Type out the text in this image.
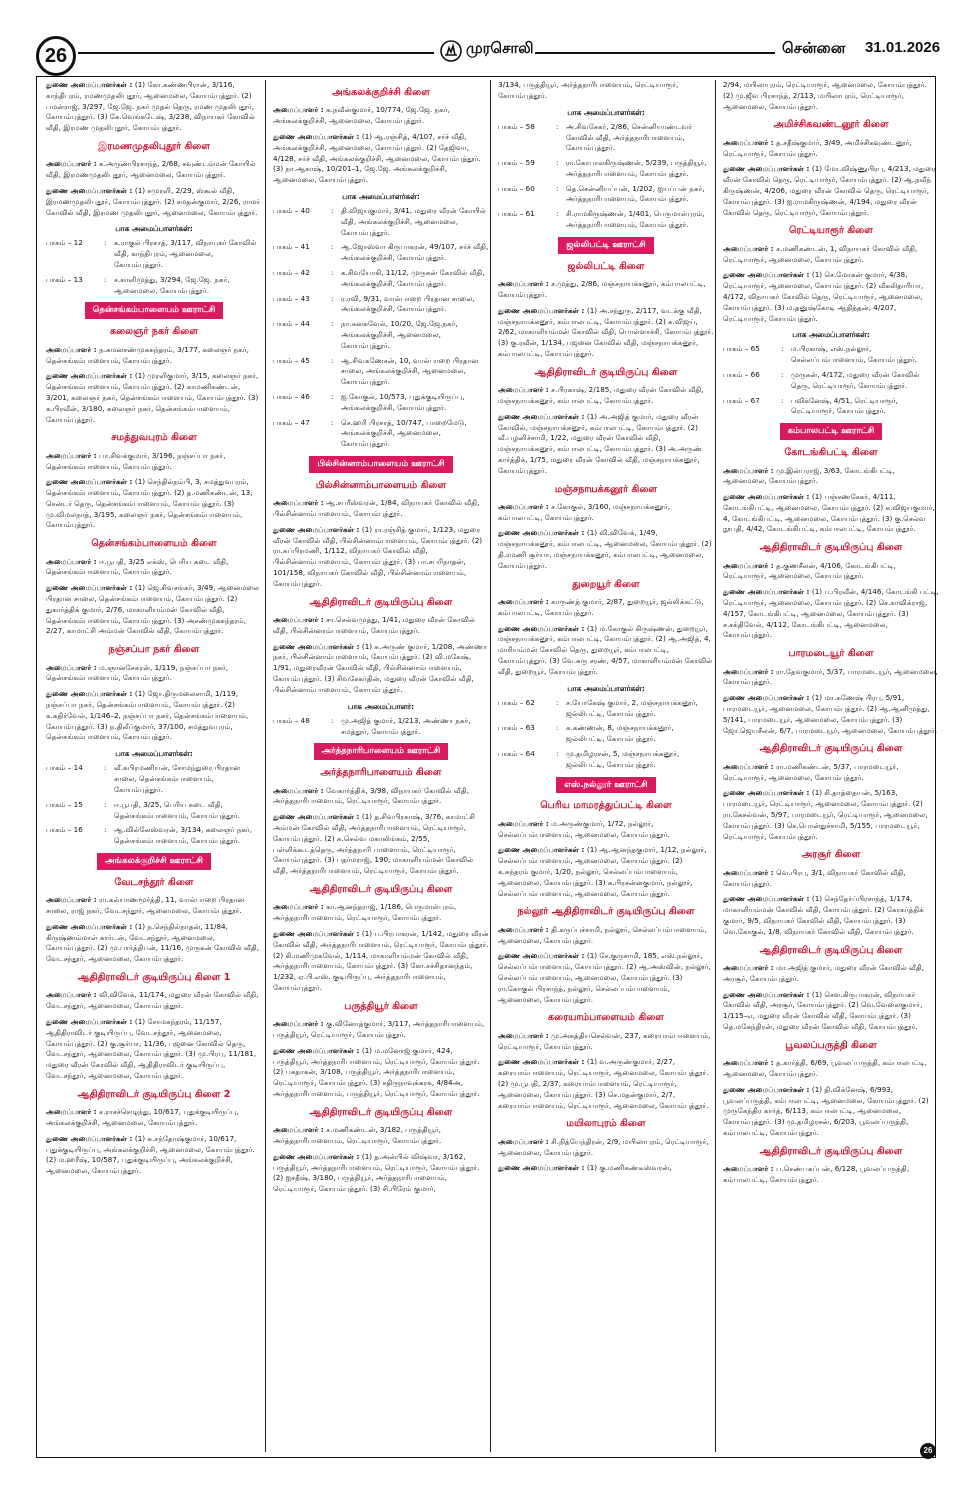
26	முரசொலி	சென்னை 31.01.2026

துணை அமைப்பாளர்கள் : (1) கோ.கண்ணபிரான், 3/116, காந்திபுரம், ரமணமுதலிபுதூர், ஆனைமலை, கோயம்புத்தூர். (2) பமன்ராஜ், 3/297, ஜே.ஜே. நகர் முதல் தெரு, ரமண முதலிபுதூர், கோயம்புத்தூர். (3) கே.வெங்கடேஷ், 3/238, விநாயகர் கோவில் வீதி, இரமண முதலிபுதூர், கோயம்புத்தூர்.

இரமணமுதலிபுதூர் கிளை

அமைப்பாளர் : க.அருண்பிரசாந்த், 2/68, சவுண்டம்மன் கோயில் வீதி, இரமணமுதலிபுதூர், ஆனைமலை, கோயம்புத்தூர்.

துணை அமைப்பாளர்கள் : (1) சமுரளி, 2/29, ஸ்கூல் வீதி, இரமணமுதலிபுதூர், கோயம்புத்தூர். (2) சமதன்குமார், 2/26, ராமர் கோவில் வீதி, இரமண முதலிபுதூர், ஆனைமலை, கோயம்புத்தூர்.

பாக அமைப்பாளர்கள்:
பாகம் – 12	:	க.ராகுல் பிரசாத், 3/117, விநாயகர் கோவில் வீதி, காந்திபுரம், ஆனைமலை, கோயம்புத்தூர்.
பாகம் – 13	:	ச.காளிமுத்து, 3/294, ஜே.ஜே. நகர், ஆனைமலை, கோயம்புத்தூர்.
தென்சங்கம்பாளையம் ஊராட்சி
கலைஞர் நகர் கிளை

அமைப்பாளர் : ந.சுமனசண்முகசுந்தரம், 3/177, கலைஞர் நகர், தென்சங்கம்பாளையம், கோயம்புத்தூர்.

துணை அமைப்பாளர்கள் : (1) முரளிகுமார், 3/15, கலைஞர் நகர், தென்சங்கம்பாளையம், கோயம்புத்தூர். (2) காமணிகண்டன், 3/201, கலைஞர் நகர், தென்சங்கம்பாளையம், கோயம்புத்தூர். (3) க.பிரவீன், 3/180, கலைஞர் நகர், தென்சங்கம்பாளையம், கோயம்புத்தூர்.

சமத்துவபுரம் கிளை

அமைப்பாளர் : பா.சிவக்குமார், 3/196, நஞ்சப்பா நகர், தென்சங்கம்பாளையம், கோயம்புத்தூர்.

துணை அமைப்பாளர்கள் : (1) செந்தில்நம்பி, 3, சமத்துவபுரம், தென்சங்கம்பாளையம், கோயம்புத்தூர். (2) த.மணிகண்டன், 13, சென்டர் தெரு, தென்சங்கம்பாளையம், கோயம்புத்தூர். (3) மு.விமலநாத், 3/195, கலைஞர் நகர், தென்சங்கம்பாளையம், கோயம்புத்தூர்.

தென்சங்கம்பாளையம் கிளை

அமைப்பாளர் : ஈ.பூபதி, 3/25 எக்ஸ், பெரிய கடை வீதி, தென்சங்கம்பாளையம், கோயம்புத்தூர்.

துணை அமைப்பாளர்கள் : (1) ஜெ.சிவசங்கர், 3/49, ஆனைமலை பிரதான சாலை, தென்சங்கம்பாளையம், கோயம்புத்தூர். (2) துகார்த்திக் குமார், 2/76, மாகாளியம்மன் கோவில் வீதி, தென்சங்கம்பாளையம், கோயம்புத்தூர். (3) அசண்முகசுந்தரம், 2/27, காமாட்சி அம்மன் கோவில் வீதி, கோயம்புத்தூர்.

நஞ்சப்பா நகர் கிளை

அமைப்பாளர் : ம.ஞானசேகரன், 1/119, நஞ்சப்பா நகர், தென்சங்கம்பாளையம், கோயம்புத்தூர்.

துணை அமைப்பாளர்கள் : (1) ஜோ.திருமலைசாமி, 1/119, நஞ்சப்பா நகர், தென்சங்கம்பாளையம், கோயம்புத்தூர். (2) க.கதிர்வேல், 1/146–2, நஞ்சப்பா நகர், தென்சங்கம்பாளையம், கோயம்புத்தூர். (3) ந.திலீப்குமார், 37/100, சமத்துவபுரம், தென்சங்கம்பாளையம், கோயம்புத்தூர்.

பாக அமைப்பாளர்கள்:
பாகம் – 14	:	வீ.சுபிரமணியன், சோமந்துரை பிரதான சாலை, தென்சங்கம்பாளையம், கோயம்புத்தூர்.
பாகம் – 15	:	ஈ.பூபதி, 3/25, பெரிய கடை வீதி, தென்சங்கம்பாளையம், கோயம்புத்தூர்.
பாகம் – 16	:	ஆ.வில்லேஸ்வரன், 3/134, கலைஞர் நகர், தென்சங்கம்பாளையம், கோயம்புத்தூர்.
அங்கலக்குறிச்சி ஊராட்சி
வேடசந்தூர் கிளை

அமைப்பாளர் : ரா.கல்யாணமூர்த்தி, 11, வால்பாறை பிரதான சாலை, ராஜ் நகர், வேடசந்தூர், ஆனைமலை, கோயம்புத்தூர்.

துணை அமைப்பாளர்கள் : (1) ந.செந்தில்நாதன், 11/84, கிருஷ்ணம்மாள் கார்டன், வேடசந்தூர், ஆனைமலை, கோயம்புத்தூர். (2) மு.பார்த்திபன், 11/16, முருகன் கோவில் வீதி, வேடசந்தூர், ஆனைமலை, கோயம்புத்தூர்.

ஆதிதிராவிடர் குடியிருப்பு கிளை 1

அமைப்பாளர் : வி.விவேக், 11/174, மதுரை வீரன் கோவில் வீதி, வேடசந்தூர், ஆனைமலை, கோயம்புத்தூர்.

துணை அமைப்பாளர்கள் : (1) சோமசுந்தரம், 11/157, ஆதிதிராவிடர் குடியிருப்பு, வேடசந்தூர், ஆனைமலை, கோயம்புத்தூர். (2) கு.சூர்யா, 11/36, பஜனை கோவில் தெரு, வேடசந்தூர், ஆனைமலை, கோயம்புத்தூர். (3) மு.பிரபு, 11/181, மதுரை வீரன் கோவில் வீதி, ஆதிதிராவிடர் குடியிருப்பு, வேடசந்தூர், ஆனைமலை, கோயம்புத்தூர்.

ஆதிதிராவிடர் குடியிருப்பு கிளை 2

அமைப்பாளர் : ச.ராசச்செழுந்து, 10/617, புதுக்குடியிருப்பு, அங்கலக்குறிச்சி, ஆனைமலை, கோயம்புத்தூர்.

துணை அமைப்பாளர்கள் : (1) சு.சந்தோஷ்குமார், 10/617, புதுக்குடியிருப்பு, அங்கலக்குறிச்சி, ஆனைமலை, கோயம்புத்தூர். (2) ம.ஹரீஷ், 10/587, புதுக்குடியிருப்பு, அங்கலக்குறிச்சி, ஆனைமலை, கோயம்புத்தூர்.

அங்கலக்குறிச்சி கிளை

அமைப்பாளர் : க.நவீன்குமார், 10/774, ஜே.ஜே. நகர், அங்கலக்குறிச்சி, ஆனைமலை, கோயம்புத்தூர்.

துணை அமைப்பாளர்கள் : (1) ஆ.ரஞ்சித், 4/107, சர்ச் வீதி, அங்கலக்குறிச்சி, ஆனைமலை, கோயம்புத்தூர். (2) தேஜிவா, 4/128, சர்ச் வீதி, அங்கலக்குறிச்சி, ஆனைமலை, கோயம்புத்தூர். (3) நா.ஆகாஷ், 10/201–1, ஜே.ஜே. அங்கலக்குறிச்சி, ஆனைமலை, கோயம்புத்தூர்.

பாக அமைப்பாளர்கள்:
பாகம் – 40	:	தி.விஜயகுமார், 3/41, மதுரை வீரன் கோயில் வீதி, அங்கலக்குறிச்சி, ஆனைமலை, கோயம்புத்தூர்.
பாகம் – 41	:	ஆ.ஜோஸ்வா கிருபாகரன், 49/107, சர்ச் வீதி, அங்கலக்குறிச்சி, கோயம்புத்தூர்.
பாகம் – 42	:	க.சிவயோகி, 11/12, முருகன் கோவில் வீதி, அங்கலக்குறிச்சி, கோயம்புத்தூர்.
பாகம் – 43	:	ர.ரவி, 9/31, வால்பாறை பிரதான சாலை, அங்கலக்குறிச்சி, கோயம்புத்தூர்.
பாகம் – 44	:	நா.கனகவேல், 10/20, ஜே.ஜே.நகர், அங்கலக்குறிச்சி, ஆனைமலை, கோயம்புத்தூர்.
பாகம் – 45	:	ஆ.சிவகணேசன், 10, வால்பாறை பிரதான சாலை, அங்கலக்குறிச்சி, ஆனைமலை, கோயம்புத்தூர்.
பாகம் – 46	:	ஐ.கோகுல், 10/573, புதுக்குடியிருப்பு, அங்கலக்குறிச்சி, கோயம்புத்தூர்.
பாகம் – 47	:	செ.ஹரி பிரசாத், 10/747, பாறைமேடு, அங்கலக்குறிச்சி, ஆனைமலை, கோயம்புத்தூர்.
பில்சின்னாம்பாளையம் ஊராட்சி
பில்சின்னாம்பாளையம் கிளை

அமைப்பாளர் : ஆ.சபரீஸ்வரன், 1/84, விநாயகர் கோவில் வீதி, பில்சின்னாம்பாளையம், கோயம்புத்தூர்.

துணை அமைப்பாளர்கள் : (1) ரா.ரஞ்சித் குமார், 1/123, மதுரை வீரன் கோவில் வீதி, பில்சின்னாம்பாளையம், கோயம்புத்தூர். (2) ரா.சுப்பிரமணி, 1/112, விநாயகர் கோவில் வீதி, பில்சின்னாம்பாளையம், கோயம்புத்தூர். (3) பா.சபரிநாதன், 101/158, விநாயகர் கோவில் வீதி, பில்சின்னாம்பாளையம், கோயம்புத்தூர்.

ஆதிதிராவிடர் குடியிருப்பு கிளை

அமைப்பாளர் : சா.செல்வமுத்து, 1/41, மதுரை வீரன் கோவில் வீதி, பில்சின்னாம்பாளையம், கோயம்புத்தூர்.

துணை அமைப்பாளர்கள் : (1) சு.அருண் குமார், 1/208, அண்ணா நகர், பில்சின்னாம்பாளையம், கோயம்புத்தூர். (2) வி.மகேஷ், 1/91, மதுரைவீரன் கோவில் வீதி, பில்சின்னாம்பாளையம், கோயம்புத்தூர். (3) சிவசேகர்தின், மதுரை வீரன் கோவில் வீதி, பில்சின்னாம்பாளையம், கோயம்புத்தூர்.

பாக அமைப்பாளர்:
பாகம் – 48	:	மு.அஜித் குமார், 1/213, அண்ணா நகர், சமத்தூர், கோயம்புத்தூர்.
அர்த்தநாரிபாளையம் ஊராட்சி
அர்த்தநாரிபாளையம் கிளை

அமைப்பாளர் : வேகார்த்திக், 3/98, விநாயகர் கோவில் வீதி, அர்த்தநாரிபாளையம், ரெட்டியாரூர், கோயம்புத்தூர்.

துணை அமைப்பாளர்கள் : (1) த.சிவபிரகாஷ், 3/76, காமாட்சி அம்மன் கோவில் வீதி, அர்த்தநாரிபாளையம், ரெட்டியாரூர், கோயம்புத்தூர். (2) சு.செல்வ மகாலிங்கம், 2/55, பள்ளிக்கூடத்தெரு, அர்த்தநாரி பாளையம், ரெட்டியாரூர், கோயம்புத்தூர். (3) பதர்மராஜ், 190, மாகாளியம்மன் கோவில் வீதி, அர்த்தநாரிபாளையம், ரெட்டியாரூர், கோயம்புத்தூர்.

ஆதிதிராவிடர் குடியிருப்பு கிளை

அமைப்பாளர் : கா.ஆனந்தராஜ், 1/186, பெருமாள்புரம், அர்த்தநாரிபாளையம், ரெட்டியாரூர், கோயம்புத்தூர்.

துணை அமைப்பாளர்கள் : (1) ப.பிரபாகரன், 1/142, மதுரை வீரன் கோவில் வீதி, அர்த்தநாரிபாளையம், ரெட்டியாரூர், கோயம்புத்தூர். (2) கி.மணிமுகவேல், 1/114, மாகாளியம்மன் கோவில் வீதி, அர்த்தநாரிபாளையம், கோயம்புத்தூர். (3) கோ.சச்சிதானந்தம், 1/232, ஏ.பி.எஸ். குடியிருப்பு, அர்த்தநாரிபாளையம், கோயம்புத்தூர்.

பருத்தியூர் கிளை

அமைப்பாளர் : கு.வினோத்குமார், 3/117, அர்த்தநாரிபாளையம், பருத்தியூர், ரெட்டியாரூர், கோயம்புத்தூர்.

துணை அமைப்பாளர்கள் : (1) ம.மனோஜ் குமார், 424, பருத்தியூர், அர்த்தநாரிபாளையம், ரெட்டியாரூர், கோயம்புத்தூர். (2) பகதாகன், 3/108, பருத்தியூர், அர்த்தநாரிபாளையம், ரெட்டியாரூர், கோயம்புத்தூர். (3) சதிருநாவுக்கரசு, 4/84அ, அர்த்தநாரிபாளையம், பருத்தியூர், ரெட்டியாரூர், கோயம்புத்தூர்.

ஆதிதிராவிடர் குடியிருப்பு கிளை

அமைப்பாளர் : ச.மணிகண்டன், 3/182, பருத்தியூர், அர்த்தநாரிபாளையம், ரெட்டியாரூர், கோயம்புத்தூர்.

துணை அமைப்பாளர்கள் : (1) த.அன்பில் விஷ்வா, 3/162, பருத்தியூர், அர்த்தநாரிபாளையம், ரெட்டியாரூர், கோயம்புத்தூர். (2) ஐசதீஷ், 3/180, பருத்தியூர், அர்த்தநாரிபாளையம், ரெட்டியாரூர், கோயம்புத்தூர். (3) சி.பிரேம் குமார்,

3/134, பருத்தியூர், அர்த்தநாரிபாளையம், ரெட்டியாரூர், கோயம்புத்தூர்.

பாக அமைப்பாளர்கள்:
பாகம் – 58	:	அ.சிவசேகர், 2/86, சென்னியாண்டவர் கோவில் வீதி, அர்த்தநாரிபாளையம், கோயம்புத்தூர்.
பாகம் – 59	:	ரா.கோபாலகிருஷ்ணன், 5/239, பருத்தியூர், அர்த்தநாரிபாளையம், கோயம்புத்தூர்.
பாகம் – 60	:	தெ.சென்னியப்பன், 1/202, ஐயப்பன் நகர், அர்த்தநாரிபாளையம், கோயம்புத்தூர்.
பாகம் – 61	:	சி.ராமகிருஷ்ணன், 1/401, பெருமாள்புரம், அர்த்தநாரிபாளையம், கோயம்புத்தூர்.
ஜல்லிபட்டி ஊராட்சி
ஜல்லிபட்டி கிளை

அமைப்பாளர் : ச.முத்து, 2/86, மஞ்சநாயக்கனூர், கம்பாலபட்டி, கோயம்புத்தூர்.

துணை அமைப்பாளர்கள் : (1) அ.சந்துரு, 2/117, வடக்கு வீதி, மஞ்சநாயக்கனூர், கம்பாலபட்டி, கோயம்புத்தூர். (2) க.விஜய், 2/62, மாகாளியம்மன் கோவில் வீதி, பொள்ளாச்சி, கோயம்புத்தூர். (3) கு.ரவீன், 1/134, பஜனை கோவில் வீதி, மஞ்சநாயக்கனூர், கம்பாலபட்டி, கோயம்புத்தூர்.

ஆதிதிராவிடர் குடியிருப்பு கிளை

அமைப்பாளர் : ச.பிரகாஷ், 2/185, மதுரை வீரன் கோவில் வீதி, மஞ்சநாயக்கனூர், கம்பாலபட்டி, கோயம்புத்தூர்.

துணை அமைப்பாளர்கள் : (1) அ.அஜித் குமார், மதுரை வீரன் கோவில், மஞ்சநாயக்கனூர், கம்பாலபட்டி, கோயம்புத்தூர். (2) வீ.பழனிச்சாமி, 1/22, மதுரை வீரன் கோவில் வீதி, மஞ்சநாயக்கனூர், கம்பாலபட்டி, கோயம்புத்தூர். (3) அ.அருண் கார்த்திக், 1/75, மதுரை வீரன் கோவில் வீதி, மஞ்சநாயக்கனூர், கோயம்புத்தூர்.

மஞ்சநாயக்கனூர் கிளை

அமைப்பாளர் : ச.கோகுல், 3/160, மஞ்சநாயக்கனூர், கம்பாலபட்டி, கோயம்புத்தூர்.

துணை அமைப்பாளர்கள் : (1) வி.விவேக், 1/49, மஞ்சநாயக்கனூர், கம்பாலபட்டி, ஆனைமலை, கோயம்புத்தூர். (2) தி.ரமணி சூர்யா, மஞ்சநாயக்கனூர், கம்பாலபட்டி, ஆனைமலை, கோயம்புத்தூர்.

துறையூர் கிளை

அமைப்பாளர் : காருண்த் குமார், 2/87, துறையூர், ஜல்லிக்கட்டு, கம்பாலபட்டி, கோயம்புத்தூர்.

துணை அமைப்பாளர்கள் : (1) ம.கோகுல் கிருஷ்ணன், துறையூர், மஞ்சநாயக்கனூர், கம்பாலபட்டி, கோயம்புத்தூர். (2) ஆ.அஜித், 4, மாரியம்மன் கோவில் தெரு, துறையூர், கம்பாலபட்டி, கோயம்புத்தூர். (3) வே.சுரு சரண், 4/57, மாகாளியம்மன் கோவில் வீதி, துறையூர், கோயம்புத்தூர்.

பாக அமைப்பாளர்கள்:
பாகம் – 62	:	ச.யோகேஷ் குமார், 2, மஞ்சநாயக்கனூர், ஜல்லிபட்டி, கோயம்புத்தூர்.
பாகம் – 63	:	க.கண்ணன், 8, மஞ்சநாயக்கனூர், ஜல்லிபட்டி, கோயம்புத்தூர்.
பாகம் – 64	:	மு.தமிழரசன், 5, மஞ்சநாயக்கனூர், ஜல்லிபட்டி, கோயம்புத்தூர்.
எஸ்.நல்லூர் ஊராட்சி
பெரிய மாமரத்துப்பட்டி கிளை

அமைப்பாளர் : ம.அருண்குமார், 1/72, நல்லூர், செல்லப்பம்பாளையம், ஆனைமலை, கோயம்புத்தூர்.

துணை அமைப்பாளர்கள் : (1) ஆ.ஆனந்தகுமார், 1/12, நல்லூர், செல்லப்பம்பாளையம், ஆனைமலை, கோயம்புத்தூர். (2) க.சுந்தரம் குமார், 1/20, நல்லூர், செல்லப்பம்பாளையம், ஆனைமலை, கோயம்புத்தூர். (3) க.பிரசன்னகுமார், நல்லூர், செல்லப்பம்பாளையம், ஆனைமலை, கோயம்புத்தூர்.

நல்லூர் ஆதிதிராவிடர் குடியிருப்பு கிளை

அமைப்பாளர் : தி.கருப்புச்சாமி, நல்லூர், செல்லப்பம்பாளையம், ஆனைமலை, கோயம்புத்தூர்.

துணை அமைப்பாளர்கள் : (1) சே.குருசாமி, 185, எஸ்.நல்லூர், செல்லப்பம்பாளையம், கோயம்புத்தூர். (2) ஆ.அஸ்வின், நல்லூர், செல்லப்பம்பாளையம், ஆனைமலை, கோயம்புத்தூர். (3) ரா.கோகுல் பிரசாந்த், நல்லூர், செல்லப்பம்பாளையம், ஆனைமலை, கோயம்புத்தூர்.

கரையாம்பாளையம் கிளை

அமைப்பாளர் : மு.அகத்தியசெல்வன், 237, கரையாம்பாளையம், ரெட்டியாரூர், கோயம்புத்தூர்.

துணை அமைப்பாளர்கள் : (1) வ.அருண்குமார், 2/27, கரையாம்பாளையம், ரெட்டியாரூர், ஆனைமலை, கோயம்புத்தூர். (2) மு.பூபதி, 2/37, கரையாம்பாளையம், ரெட்டியாரூர், ஆனைமலை, கோயம்புத்தூர். (3) செ.மதன்குமார், 2/7, கரையாம்பாளையம், ரெட்டியாரூர், ஆனைமலை, கோயம்புத்தூர்.

மயிலாபுரம் கிளை

அமைப்பாளர் : சி.நித்யேந்திரன், 2/9, மயிலாபுரம், ரெட்டியாரூர், ஆனைமலை, கோயம்புத்தூர்.

துணை அமைப்பாளர்கள் : (1) கு.மணிகண்டீஸ்வரன்,

2/94, மயிலாபுரம், ரெட்டியாரூர், ஆனைமலை, கோயம்புத்தூர். (2) மு.ஜீவ பிரசாந்த், 2/113, மயிலாபுரம், ரெட்டியாரூர், ஆனைமலை, கோயம்புத்தூர்.

அமிச்சிகவண்டனூர் கிளை

அமைப்பாளர் : த.சதீஷ்குமார், 3/49, அமிச்சிகவுண்டனூர், ரெட்டியாரூர், கோயம்புத்தூர்.

துணை அமைப்பாளர்கள் : (1) மோ.விஷ்ணுபிரபு, 4/213, மதுரை வீரன் கோவில் தெரு, ரெட்டியாரூர், கோயம்புத்தூர். (2) ஆ.நவீந் கிருஷ்ணன், 4/206, மதுரை வீரன் கோவில் தெரு, ரெட்டியாரூர், கோயம்புத்தூர். (3) ஐ.ராமகிருஷ்ணன், 4/194, மதுரை வீரன் கோவில் தெரு, ரெட்டியாரூர், கோயம்புத்தூர்.

ரெட்டியாரூர் கிளை

அமைப்பாளர் : ச.மணிகண்டன், 1, விநாயகர் கோவில் வீதி, ரெட்டியாரூர், ஆனைமலை, கோயம்புத்தூர்.

துணை அமைப்பாளர்கள் : (1) செ.மோகன் குமார், 4/38, ரெட்டியாரூர், ஆனைமலை, கோயம்புத்தூர். (2) வீகலிதாரியா, 4/172, விநாயகர் கோவில் தெரு, ரெட்டியாரூர், ஆனைமலை, கோயம்புத்தூர். (3) ம.தனுஷ்கோடி ஆதித்தன், 4/207, ரெட்டியாரூர், கோயம்புத்தூர்.

பாக அமைப்பாளர்கள்:
பாகம் – 65	:	ம.பிரகாஷ், எஸ்.நல்லூர், செல்லப்பம்பாளையம், கோயம்புத்தூர்.
பாகம் – 66	:	முருகன், 4/172, மதுரை வீரன் கோவில் தெரு, ரெட்டியாரூர், கோயம்புத்தூர்.
பாகம் – 67	:	பவிக்னேஷ், 4/51, ரெட்டியாரூர், ரெட்டியாரூர், கோயம்புத்தூர்.
கம்பாலபட்டி ஊராட்சி
கோடங்கிபட்டி கிளை

அமைப்பாளர் : மு.இன்பராஜ், 3/63, கோடங்கிபட்டி, ஆனைமலை, கோயம்புத்தூர்.

துணை அமைப்பாளர்கள் : (1) பஞ்சணசேகர், 4/111, கோடங்கிபட்டி, ஆனைமலை, கோயம்புத்தூர். (2) க.விஜயகுமார், 4, கோடங்கிபட்டி, ஆனைமலை, கோயம்புத்தூர். (3) கு.செல்வ நூபதி, 4/42, கோடங்கிபட்டி, கம்பாலபட்டி, கோயம்புத்தூர்.

ஆதிதிராவிடர் குடியிருப்பு கிளை

அமைப்பாளர் : த.குணசீலன், 4/106, கோடங்கிபட்டி, ரெட்டியாரூர், ஆனைமலை, கோயம்புத்தூர்.

துணை அமைப்பாளர்கள் : (1) ப.பிரவீன், 4/146, கோடங்கி பட்டி, ரெட்டியாரூர், ஆனைமலை, கோயம்புத்தூர். (2) செ.காவிக்ராஜ், 4/157, கோடங்கிபட்டி, ஆனைமலை, கோயம்புத்தூர். (3) ச.சக்திவேல், 4/112, கோடங்கிபட்டி, ஆனைமலை, கோயம்புத்தூர்.

பாரமடையூர் கிளை

அமைப்பாளர் : ரா.தேவகுமார், 5/37, பாரமடையூர், ஆனைமலை, கோயம்புத்தூர்.

துணை அமைப்பாளர்கள் : (1) மா.கணேஷ் பிரபு, 5/91, பாரமடையூர், ஆனைமலை, கோயம்புத்தூர். (2) ஆ.ஆனிமுத்து, 5/141, பாரமடையூர், ஆனைமலை, கோயம்புத்தூர். (3) ஜோ.ஜெயசீலன், 6/7, பாரமடையூர், ஆனைமலை, கோயம்புத்தூர்.

ஆதிதிராவிடர் குடியிருப்பு கிளை

அமைப்பாளர் : ரா.மணிகண்டன், 5/37, பாரமடையூர், ரெட்டியாரூர், ஆனைமலை, கோயம்புத்தூர்.

துணை அமைப்பாளர்கள் : (1) சி.தாத்தையன், 5/163, பாரமடையூர், ரெட்டியாரூர், ஆனைமலை, கோயம்புத்தூர். (2) ரா.கேசல்வன், 5/97, பாரமடையூர், ரெட்டியாரூர், ஆனைமலை, கோயம்புத்தூர். (3) செ.பொன்துச்சாமி, 5/155, பாரமடையூர், ரெட்டியாரூர், கோயம்புத்தூர்.

அரசூர் கிளை

அமைப்பாளர் : வெ.பிரபு, 3/1, விநாயகர் கோவில் வீதி, கோயம்புத்தூர்.

துணை அமைப்பாளர்கள் : (1) செந்தேர்ப்பிரசாந்த், 1/174, மாகாளியம்மன் கோவில் வீதி, கோயம்புத்தூர். (2) கோகர்த்திக் குமார், 9/5, விநாயகர் கோவில் வீதி, கோயம்புத்தூர். (3) வெ.கோகுல், 1/8, விநாயகர் கோவில் வீதி, கோயம்புத்தூர்.

ஆதிதிராவிடர் குடியிருப்பு கிளை

அமைப்பாளர் : மா.அஜித் குமார், மதுரை வீரன் கோவில் வீதி, அரசூர், கோயம்புத்தூர்.

துணை அமைப்பாளர்கள் : (1) செள.கிருபாகரன், விநாயகர் கோவில் வீதி, அரசூர், கோயம்புத்தூர். (2) வெ.வேலைகுமார், 1/115–எ, மதுரை வீரன் கோவில் வீதி, கோயம்புத்தூர். (3) தெ.மகேந்திரன், மதுரை வீரன் கோவில் வீதி, கோயம்புத்தூர்.

பூவலப்பருத்தி கிளை

அமைப்பாளர் : த.கார்த்தி, 6/69, பூவலப்பருத்தி, கம்பாலபட்டி, ஆனைமலை, கோயம்புத்தூர்.

துணை அமைப்பாளர்கள் : (1) தி.விக்னேஷ், 6/993, பூவலப்பருத்தி, கம்பாலபட்டி, ஆனைமலை, கோயம்புத்தூர். (2) முருகேந்திர கார்த், 6/113, கம்பாலபட்டி, ஆனைமலை, கோயம்புத்தூர். (3) மு.தமிழரசன், 6/203, பூவலப்பருத்தி, கம்பாலபட்டி, கோயம்புத்தூர்.

ஆதிதிராவிடர் குடியிருப்பு கிளை

அமைப்பாளர் : ப.செண்பகப்பன், 6/128, பூவலப்பருத்தி, கம்பாலபட்டி, கோயம்புத்தூர்.

26
